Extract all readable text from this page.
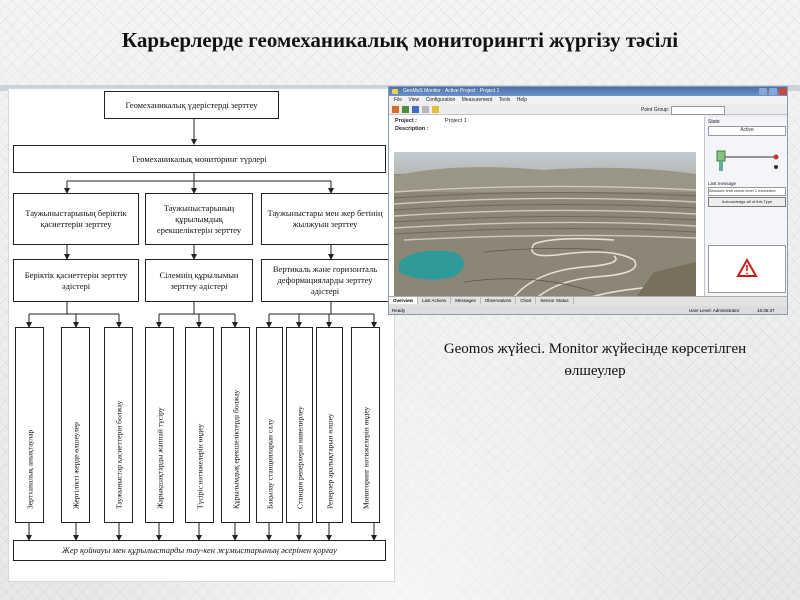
Карьерлерде геомеханикалық мониторингті жүргізу тәсілі
Геомеханикалық үдерістерді зерттеу
Геомеханикалық мониторинг түрлері
Таужыныстарының беріктік қасиеттерін зерттеу
Таужыныстарының құрылымдық ерекшеліктерін зерттеу
Таужыныстары мен жер бетінің жылжуын зерттеу
Беріктік қасиеттерін зерттеу әдістері
Сілемнің құрылымын зерттеу әдістері
Вертикаль және горизонталь деформацияларды зерттеу әдістері
Зертханалық анықтаулар	Жергілікті жерде өлшеулер	Таужыныстар қасиеттерін болжау	Жарықшақтарды жаппай түсіру	Түсіріс нәтижелерін өңдеу	Құрылымдық ерекшеліктерді болжау	Бақылау станцияларын салу	Станция реперлерін нивелирлеу	Реперлер аралықтарын өлшеу	Мониторинг нәтижелерін өңдеу
Жер қойнауы мен құрылыстарды тау-кен жұмыстарының әсерінен қорғау
GeoMoS Monitor · Active Project : Project 1
File View Configuration Measurement Tools Help
Point Group:
Project :	Project 1
Description :
State
Active
Last message
Absolute limit check level 1 exceeded
Acknowledge all of this Type
Overview Last Actions Messages Observations Chart Sensor Status
Ready	User Level: Administrator	16:36:37
Geomos жүйесі. Monitor жүйесінде көрсетілген өлшеулер
